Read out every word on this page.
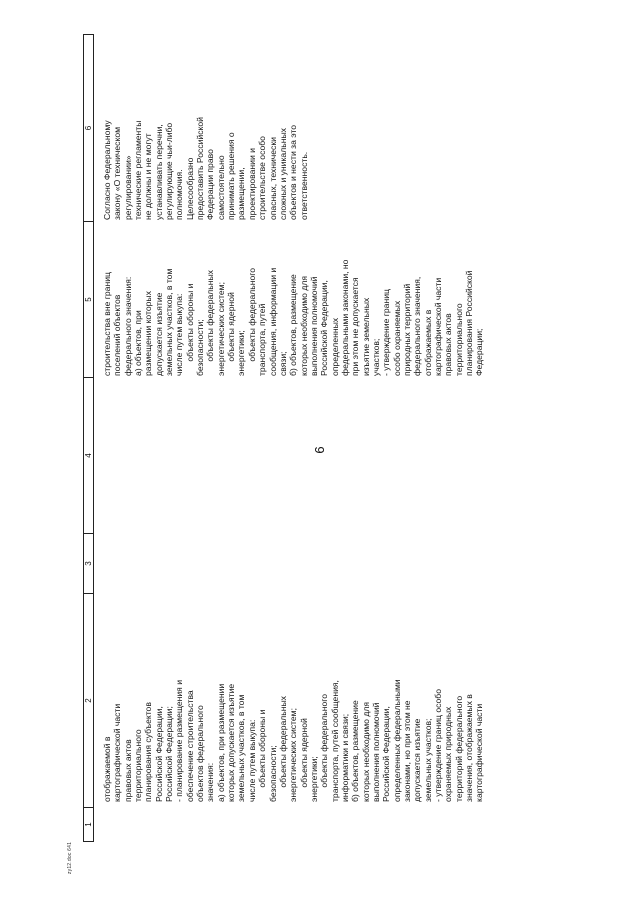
9
1
2
3
4
5
6
отображаемой в
картографической части
правовых актов
территориального
планирования субъектов
Российской Федерации,
Российской Федерации;
- планирование размещения и
обеспечение строительства
объектов федерального
значения:
а) объектов, при размещении
которых допускается изъятие
земельных участков, в том
числе путем выкупа:
объекты обороны и
безопасности;
объекты федеральных
энергетических систем;
объекты ядерной
энергетики;
объекты федерального
транспорта, путей сообщения,
информатики и связи;
б) объектов, размещение
которых необходимо для
выполнения полномочий
Российской Федерации,
определенных федеральными
законами, но при этом не
допускается изъятие
земельных участков;
- утверждение границ особо
охраняемых природных
территорий федерального
значения, отображаемых в
картографической части
строительства вне границ
поселений объектов
федерального значения:
а) объектов, при
размещении которых
допускается изъятие
земельных участков, в том
числе путем выкупа:
объекты обороны и
безопасности;
объекты федеральных
энергетических систем;
объекты ядерной
энергетики;
объекты федерального
транспорта, путей
сообщения, информации и
связи;
б) объектов, размещение
которых необходимо для
выполнения полномочий
Российской Федерации,
определенных
федеральными законами, но
при этом не допускается
изъятие земельных
участков;
- утверждение границ
особо охраняемых
природных территорий
федерального значения,
отображаемых в
картографической части
правовых актов
территориального
планирования Российской
Федерации;
Согласно Федеральному
закону «О техническом
регулировании»
технические регламенты
не должны и не могут
устанавливать перечни,
регулирующие чьи-либо
полномочия.
Целесообразно
предоставить Российской
Федерации право
самостоятельно
принимать решения о
размещении,
проектировании и
строительстве особо
опасных, технически
сложных и уникальных
объектов и нести за это
ответственность.
zy12.doc 641
